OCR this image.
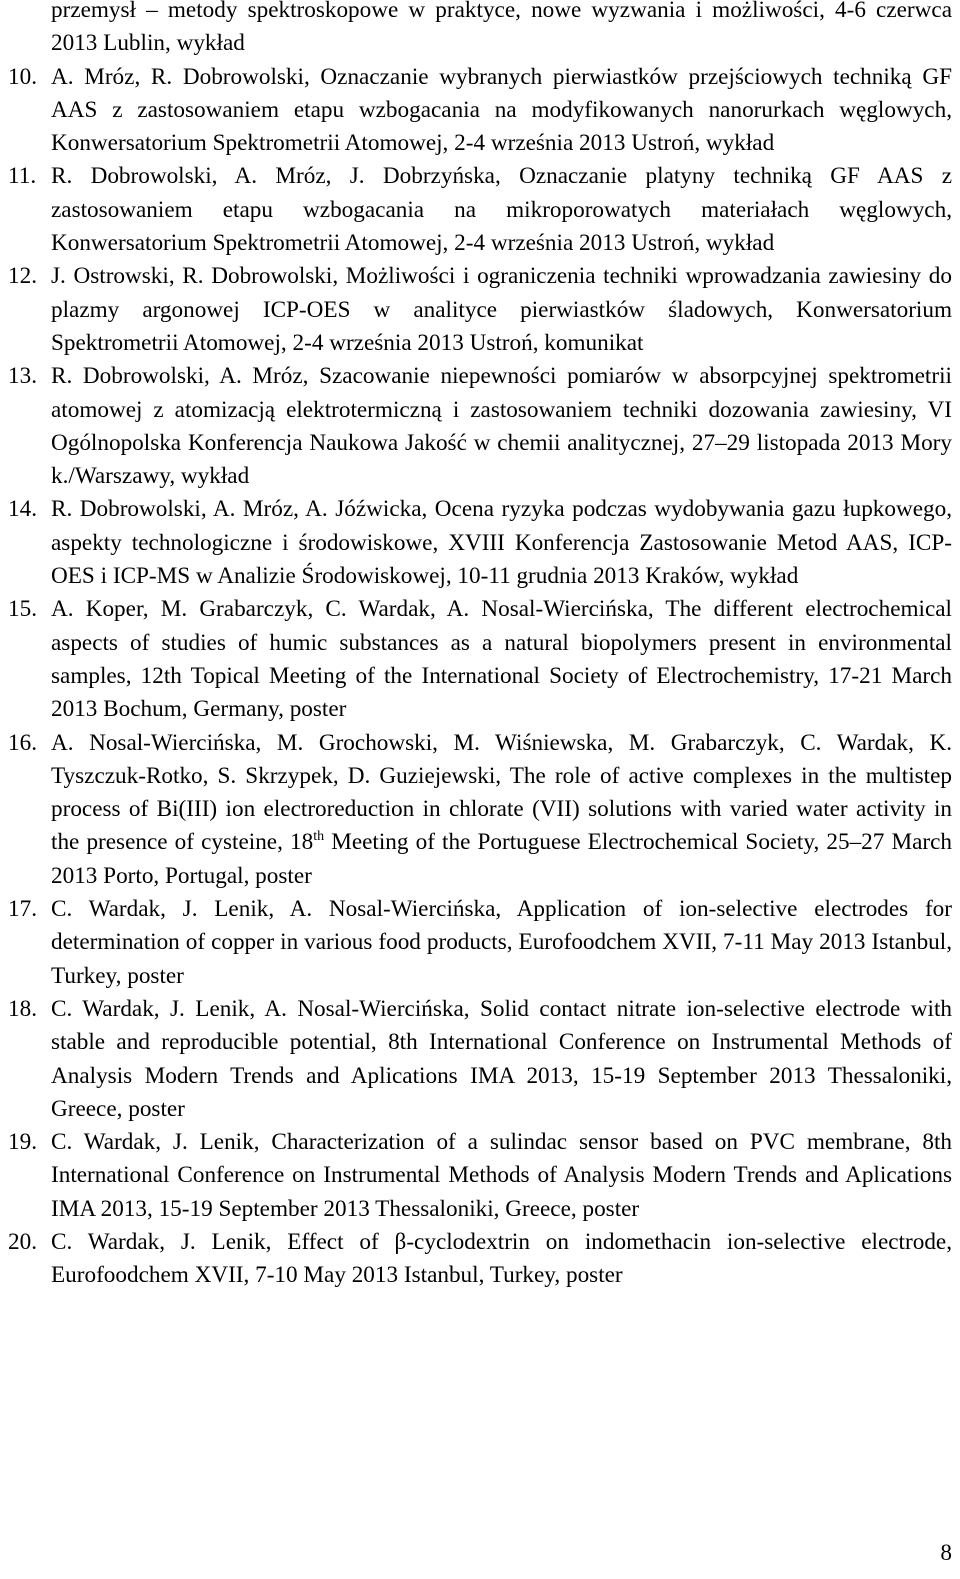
przemysł – metody spektroskopowe w praktyce, nowe wyzwania i możliwości, 4-6 czerwca 2013 Lublin, wykład

10. A. Mróz, R. Dobrowolski, Oznaczanie wybranych pierwiastków przejściowych techniką GF AAS z zastosowaniem etapu wzbogacania na modyfikowanych nanorurkach węglowych, Konwersatorium Spektrometrii Atomowej, 2-4 września 2013 Ustroń, wykład
11. R. Dobrowolski, A. Mróz, J. Dobrzyńska, Oznaczanie platyny techniką GF AAS z zastosowaniem etapu wzbogacania na mikroporowatych materiałach węglowych, Konwersatorium Spektrometrii Atomowej, 2-4 września 2013 Ustroń, wykład
12. J. Ostrowski, R. Dobrowolski, Możliwości i ograniczenia techniki wprowadzania zawiesiny do plazmy argonowej ICP-OES w analityce pierwiastków śladowych, Konwersatorium Spektrometrii Atomowej, 2-4 września 2013 Ustroń, komunikat
13. R. Dobrowolski, A. Mróz, Szacowanie niepewności pomiarów w absorpcyjnej spektrometrii atomowej z atomizacją elektrotermiczną i zastosowaniem techniki dozowania zawiesiny, VI Ogólnopolska Konferencja Naukowa Jakość w chemii analitycznej, 27–29 listopada 2013 Mory k./Warszawy, wykład
14. R. Dobrowolski, A. Mróz, A. Jóźwicka, Ocena ryzyka podczas wydobywania gazu łupkowego, aspekty technologiczne i środowiskowe, XVIII Konferencja Zastosowanie Metod AAS, ICP-OES i ICP-MS w Analizie Środowiskowej, 10-11 grudnia 2013 Kraków, wykład
15. A. Koper, M. Grabarczyk, C. Wardak, A. Nosal-Wiercińska, The different electrochemical aspects of studies of humic substances as a natural biopolymers present in environmental samples, 12th Topical Meeting of the International Society of Electrochemistry, 17-21 March 2013 Bochum, Germany, poster
16. A. Nosal-Wiercińska, M. Grochowski, M. Wiśniewska, M. Grabarczyk, C. Wardak, K. Tyszczuk-Rotko, S. Skrzypek, D. Guziejewski, The role of active complexes in the multistep process of Bi(III) ion electroreduction in chlorate (VII) solutions with varied water activity in the presence of cysteine, 18th Meeting of the Portuguese Electrochemical Society, 25–27 March 2013 Porto, Portugal, poster
17. C. Wardak, J. Lenik, A. Nosal-Wiercińska, Application of ion-selective electrodes for determination of copper in various food products, Eurofoodchem XVII, 7-11 May 2013 Istanbul, Turkey, poster
18. C. Wardak, J. Lenik, A. Nosal-Wiercińska, Solid contact nitrate ion-selective electrode with stable and reproducible potential, 8th International Conference on Instrumental Methods of Analysis Modern Trends and Aplications IMA 2013, 15-19 September 2013 Thessaloniki, Greece, poster
19. C. Wardak, J. Lenik, Characterization of a sulindac sensor based on PVC membrane, 8th International Conference on Instrumental Methods of Analysis Modern Trends and Aplications IMA 2013, 15-19 September 2013 Thessaloniki, Greece, poster
20. C. Wardak, J. Lenik, Effect of β-cyclodextrin on indomethacin ion-selective electrode, Eurofoodchem XVII, 7-10 May 2013 Istanbul, Turkey, poster
8
